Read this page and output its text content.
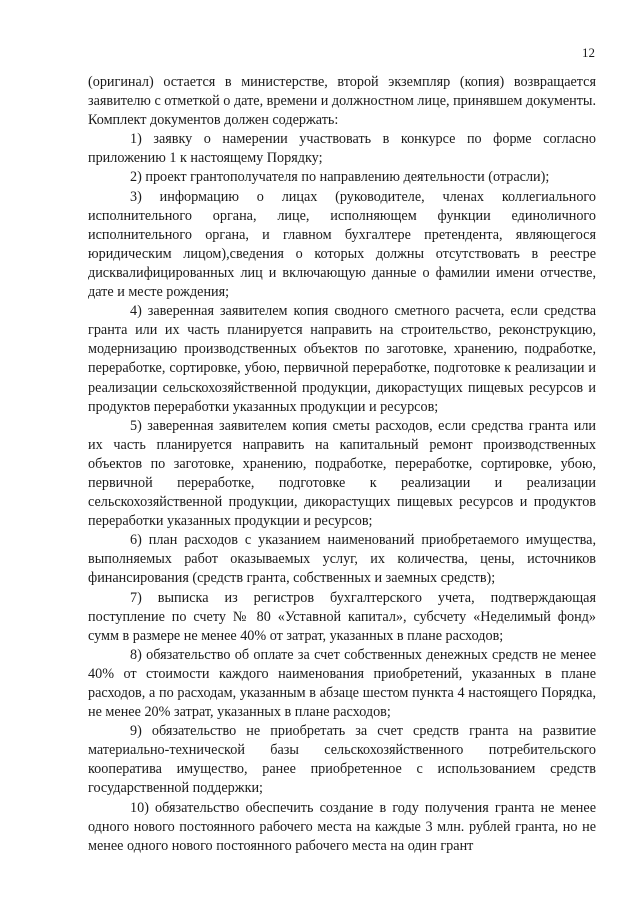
12

(оригинал) остается в министерстве, второй экземпляр (копия) возвращается заявителю с отметкой о дате, времени и должностном лице, принявшем документы. Комплект документов должен содержать:

1) заявку о намерении участвовать в конкурсе по форме согласно приложению 1 к настоящему Порядку;

2) проект грантополучателя по направлению деятельности (отрасли);

3) информацию о лицах (руководителе, членах коллегиального исполнительного органа, лице, исполняющем функции единоличного исполнительного органа, и главном бухгалтере претендента, являющегося юридическим лицом),сведения о которых должны отсутствовать в реестре дисквалифицированных лиц и включающую данные о фамилии имени отчестве, дате и месте рождения;

4) заверенная заявителем копия сводного сметного расчета, если средства гранта или их часть планируется направить на строительство, реконструкцию, модернизацию производственных объектов по заготовке, хранению, подработке, переработке, сортировке, убою, первичной переработке, подготовке к реализации и реализации сельскохозяйственной продукции, дикорастущих пищевых ресурсов и продуктов переработки указанных продукции и ресурсов;

5) заверенная заявителем копия сметы расходов, если средства гранта или их часть планируется направить на капитальный ремонт производственных объектов по заготовке, хранению, подработке, переработке, сортировке, убою, первичной переработке, подготовке к реализации и реализации сельскохозяйственной продукции, дикорастущих пищевых ресурсов и продуктов переработки указанных продукции и ресурсов;

6) план расходов с указанием наименований приобретаемого имущества, выполняемых работ оказываемых услуг, их количества, цены, источников финансирования (средств гранта, собственных и заемных средств);

7) выписка из регистров бухгалтерского учета, подтверждающая поступление по счету № 80 «Уставной капитал», субсчету «Неделимый фонд» сумм в размере не менее 40% от затрат, указанных в плане расходов;

8) обязательство об оплате за счет собственных денежных средств не менее 40% от стоимости каждого наименования приобретений, указанных в плане расходов, а по расходам, указанным в абзаце шестом пункта 4 настоящего Порядка, не менее 20% затрат, указанных в плане расходов;

9) обязательство не приобретать за счет средств гранта на развитие материально-технической базы сельскохозяйственного потребительского кооператива имущество, ранее приобретенное с использованием средств государственной поддержки;

10) обязательство обеспечить создание в году получения гранта не менее одного нового постоянного рабочего места на каждые 3 млн. рублей гранта, но не менее одного нового постоянного рабочего места на один грант
